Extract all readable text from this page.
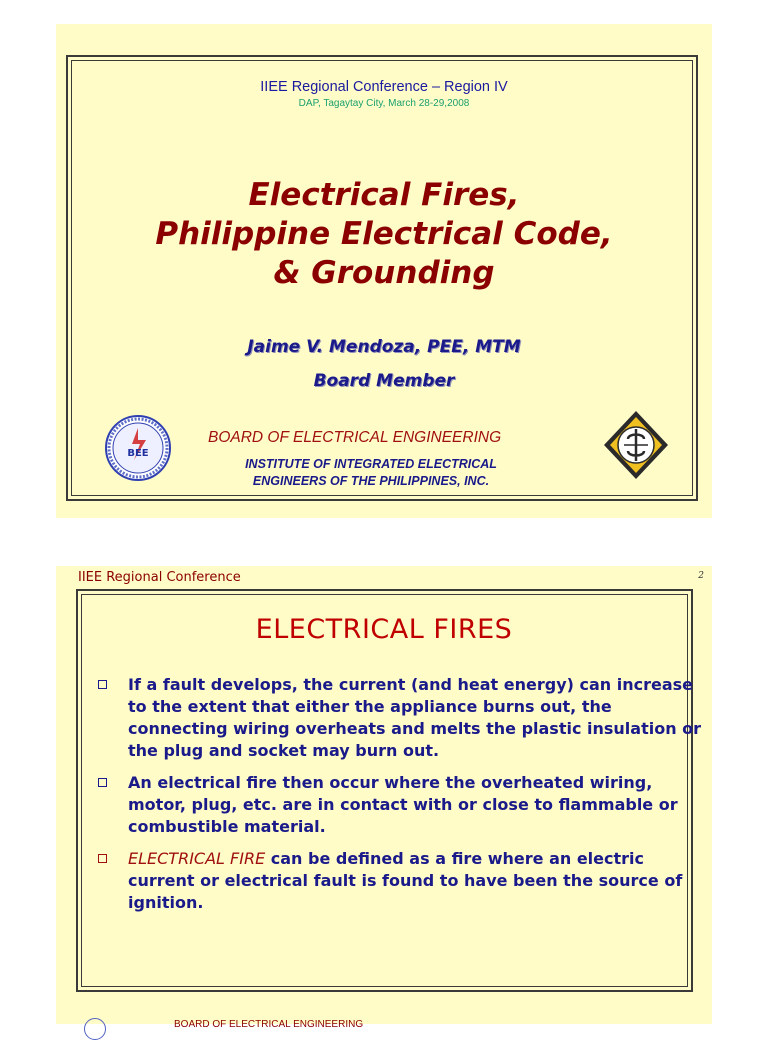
IIEE Regional Conference – Region IV
DAP, Tagaytay City, March 28-29,2008
Electrical Fires,
Philippine Electrical Code,
& Grounding
Jaime V. Mendoza, PEE, MTM
Board Member
BEE
BOARD OF ELECTRICAL ENGINEERING
INSTITUTE OF INTEGRATED ELECTRICAL
ENGINEERS OF THE PHILIPPINES, INC.
IIEE Regional Conference	2
ELECTRICAL FIRES
If a fault develops, the current (and heat energy) can increase to the extent that either the appliance burns out, the connecting wiring overheats and melts the plastic insulation or the plug and socket may burn out.
An electrical fire then occur where the overheated wiring, motor, plug, etc. are in contact with or close to flammable or combustible material.
ELECTRICAL FIRE can be defined as a fire where an electric current or electrical fault is found to have been the source of ignition.
BOARD OF ELECTRICAL ENGINEERING
